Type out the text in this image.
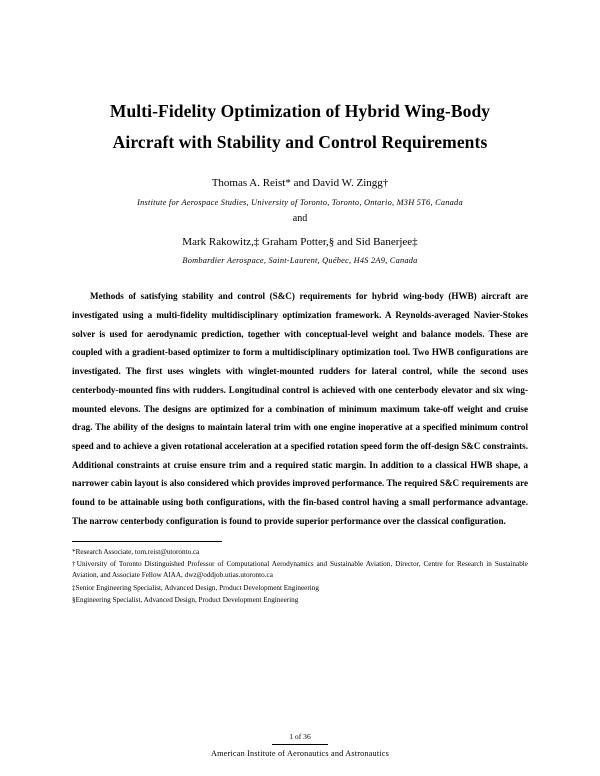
Multi-Fidelity Optimization of Hybrid Wing-Body
Aircraft with Stability and Control Requirements
Thomas A. Reist* and David W. Zingg†
Institute for Aerospace Studies, University of Toronto, Toronto, Ontario, M3H 5T6, Canada
and
Mark Rakowitz,‡ Graham Potter,§ and Sid Banerjee‡
Bombardier Aerospace, Saint-Laurent, Québec, H4S 2A9, Canada
Methods of satisfying stability and control (S&C) requirements for hybrid wing-body (HWB) aircraft are investigated using a multi-fidelity multidisciplinary optimization framework. A Reynolds-averaged Navier-Stokes solver is used for aerodynamic prediction, together with conceptual-level weight and balance models. These are coupled with a gradient-based optimizer to form a multidisciplinary optimization tool. Two HWB configurations are investigated. The first uses winglets with winglet-mounted rudders for lateral control, while the second uses centerbody-mounted fins with rudders. Longitudinal control is achieved with one centerbody elevator and six wing-mounted elevons. The designs are optimized for a combination of minimum maximum take-off weight and cruise drag. The ability of the designs to maintain lateral trim with one engine inoperative at a specified minimum control speed and to achieve a given rotational acceleration at a specified rotation speed form the off-design S&C constraints. Additional constraints at cruise ensure trim and a required static margin. In addition to a classical HWB shape, a narrower cabin layout is also considered which provides improved performance. The required S&C requirements are found to be attainable using both configurations, with the fin-based control having a small performance advantage. The narrow centerbody configuration is found to provide superior performance over the classical configuration.
*Research Associate, tom.reist@utoronto.ca
†University of Toronto Distinguished Professor of Computational Aerodynamics and Sustainable Aviation, Director, Centre for Research in Sustainable Aviation, and Associate Fellow AIAA, dwz@oddjob.utias.utoronto.ca
‡Senior Engineering Specialist, Advanced Design, Product Development Engineering
§Engineering Specialist, Advanced Design, Product Development Engineering
1 of 36
American Institute of Aeronautics and Astronautics
